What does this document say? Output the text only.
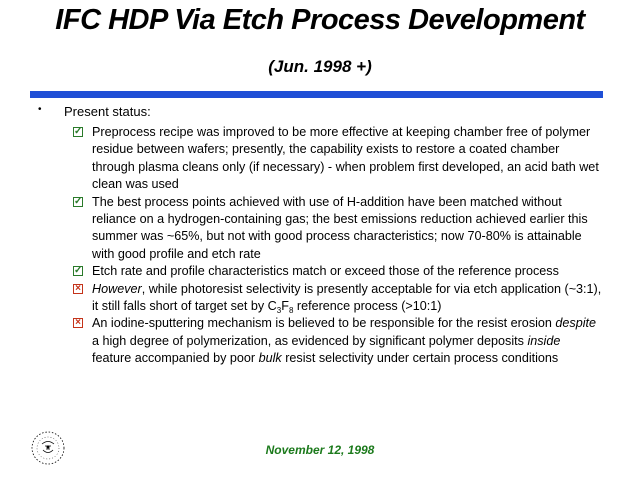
IFC HDP Via Etch Process Development
(Jun. 1998 +)
• Present status:
✓ Preprocess recipe was improved to be more effective at keeping chamber free of polymer residue between wafers; presently, the capability exists to restore a coated chamber through plasma cleans only (if necessary) - when problem first developed, an acid bath wet clean was used
✓ The best process points achieved with use of H-addition have been matched without reliance on a hydrogen-containing gas; the best emissions reduction achieved earlier this summer was ~65%, but not with good process characteristics; now 70-80% is attainable with good profile and etch rate
✓ Etch rate and profile characteristics match or exceed those of the reference process
× However, while photoresist selectivity is presently acceptable for via etch application (~3:1), it still falls short of target set by $C_3F_8$ reference process (>10:1)
× An iodine-sputtering mechanism is believed to be responsible for the resist erosion despite a high degree of polymerization, as evidenced by significant polymer deposits inside feature accompanied by poor bulk resist selectivity under certain process conditions
November 12, 1998
